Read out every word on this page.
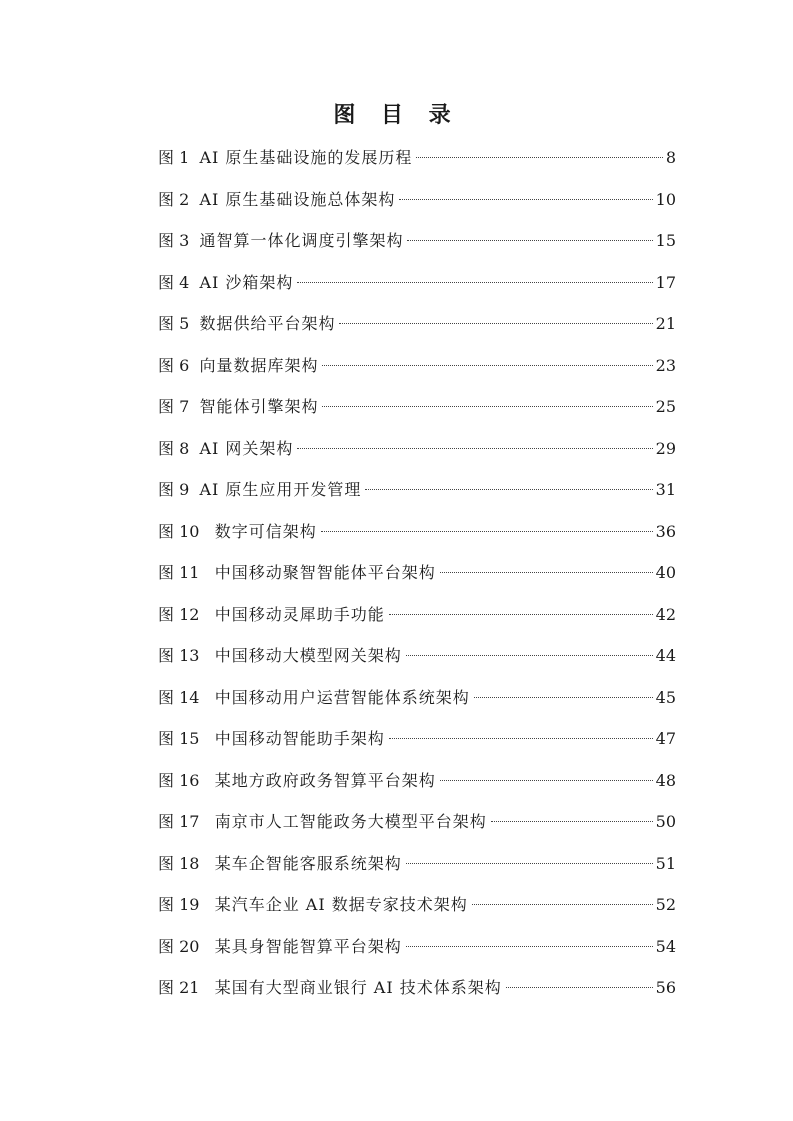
图 目 录
图 1 AI 原生基础设施的发展历程	8
图 2 AI 原生基础设施总体架构	10
图 3 通智算一体化调度引擎架构	15
图 4 AI 沙箱架构	17
图 5 数据供给平台架构	21
图 6 向量数据库架构	23
图 7 智能体引擎架构	25
图 8 AI 网关架构	29
图 9 AI 原生应用开发管理	31
图 10 数字可信架构	36
图 11 中国移动聚智智能体平台架构	40
图 12 中国移动灵犀助手功能	42
图 13 中国移动大模型网关架构	44
图 14 中国移动用户运营智能体系统架构	45
图 15 中国移动智能助手架构	47
图 16 某地方政府政务智算平台架构	48
图 17 南京市人工智能政务大模型平台架构	50
图 18 某车企智能客服系统架构	51
图 19 某汽车企业 AI 数据专家技术架构	52
图 20 某具身智能智算平台架构	54
图 21 某国有大型商业银行 AI 技术体系架构	56
